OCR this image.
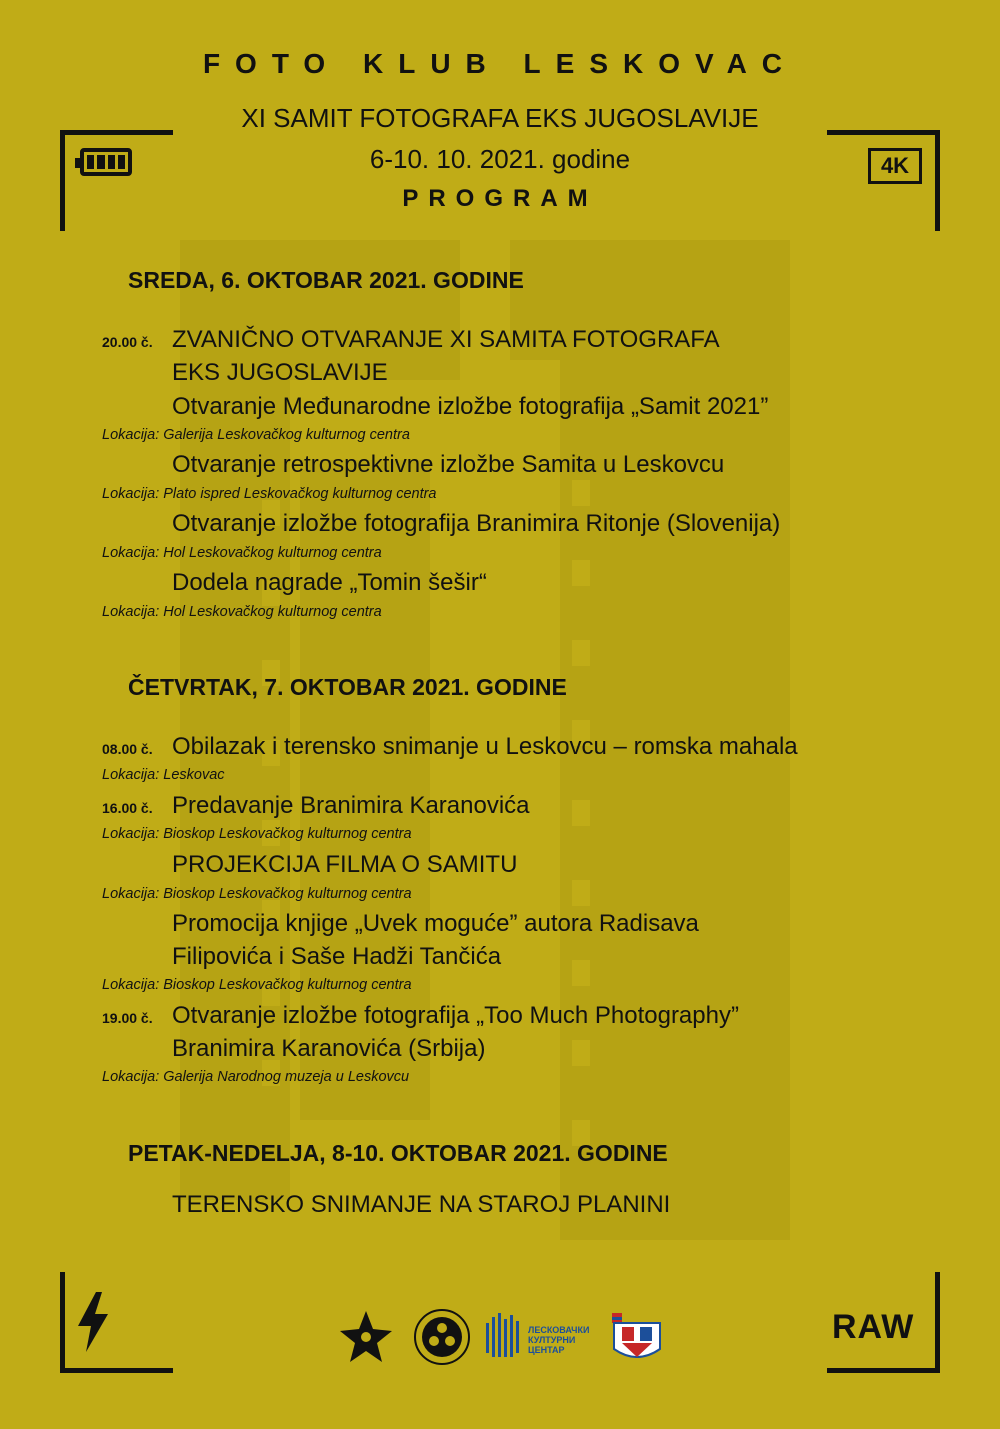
4K
FOTO KLUB LESKOVAC
XI SAMIT FOTOGRAFA EKS JUGOSLAVIJE
6-10. 10. 2021. godine
PROGRAM
SREDA, 6. OKTOBAR 2021. GODINE
20.00 č. ZVANIČNO OTVARANJE XI SAMITA FOTOGRAFA
EKS JUGOSLAVIJE
Otvaranje Međunarodne izložbe fotografija „Samit 2021”
Lokacija: Galerija Leskovačkog kulturnog centra
Otvaranje retrospektivne izložbe Samita u Leskovcu
Lokacija: Plato ispred Leskovačkog kulturnog centra
Otvaranje izložbe fotografija Branimira Ritonje (Slovenija)
Lokacija: Hol Leskovačkog kulturnog centra
Dodela nagrade „Tomin šešir“
Lokacija: Hol Leskovačkog kulturnog centra
ČETVRTAK, 7. OKTOBAR 2021. GODINE
08.00 č. Obilazak i terensko snimanje u Leskovcu – romska mahala
Lokacija: Leskovac
16.00 č. Predavanje Branimira Karanovića
Lokacija: Bioskop Leskovačkog kulturnog centra
PROJEKCIJA FILMA O SAMITU
Lokacija: Bioskop Leskovačkog kulturnog centra
Promocija knjige „Uvek moguće” autora Radisava
Filipovića i Saše Hadži Tančića
Lokacija: Bioskop Leskovačkog kulturnog centra
19.00 č. Otvaranje izložbe fotografija „Too Much Photography”
Branimira Karanovića (Srbija)
Lokacija: Galerija Narodnog muzeja u Leskovcu
PETAK-NEDELJA, 8-10. OKTOBAR 2021. GODINE
TERENSKO SNIMANJE NA STAROJ PLANINI
RAW
ЛЕСКОВАЧКИ
КУЛТУРНИ
ЦЕНТАР
